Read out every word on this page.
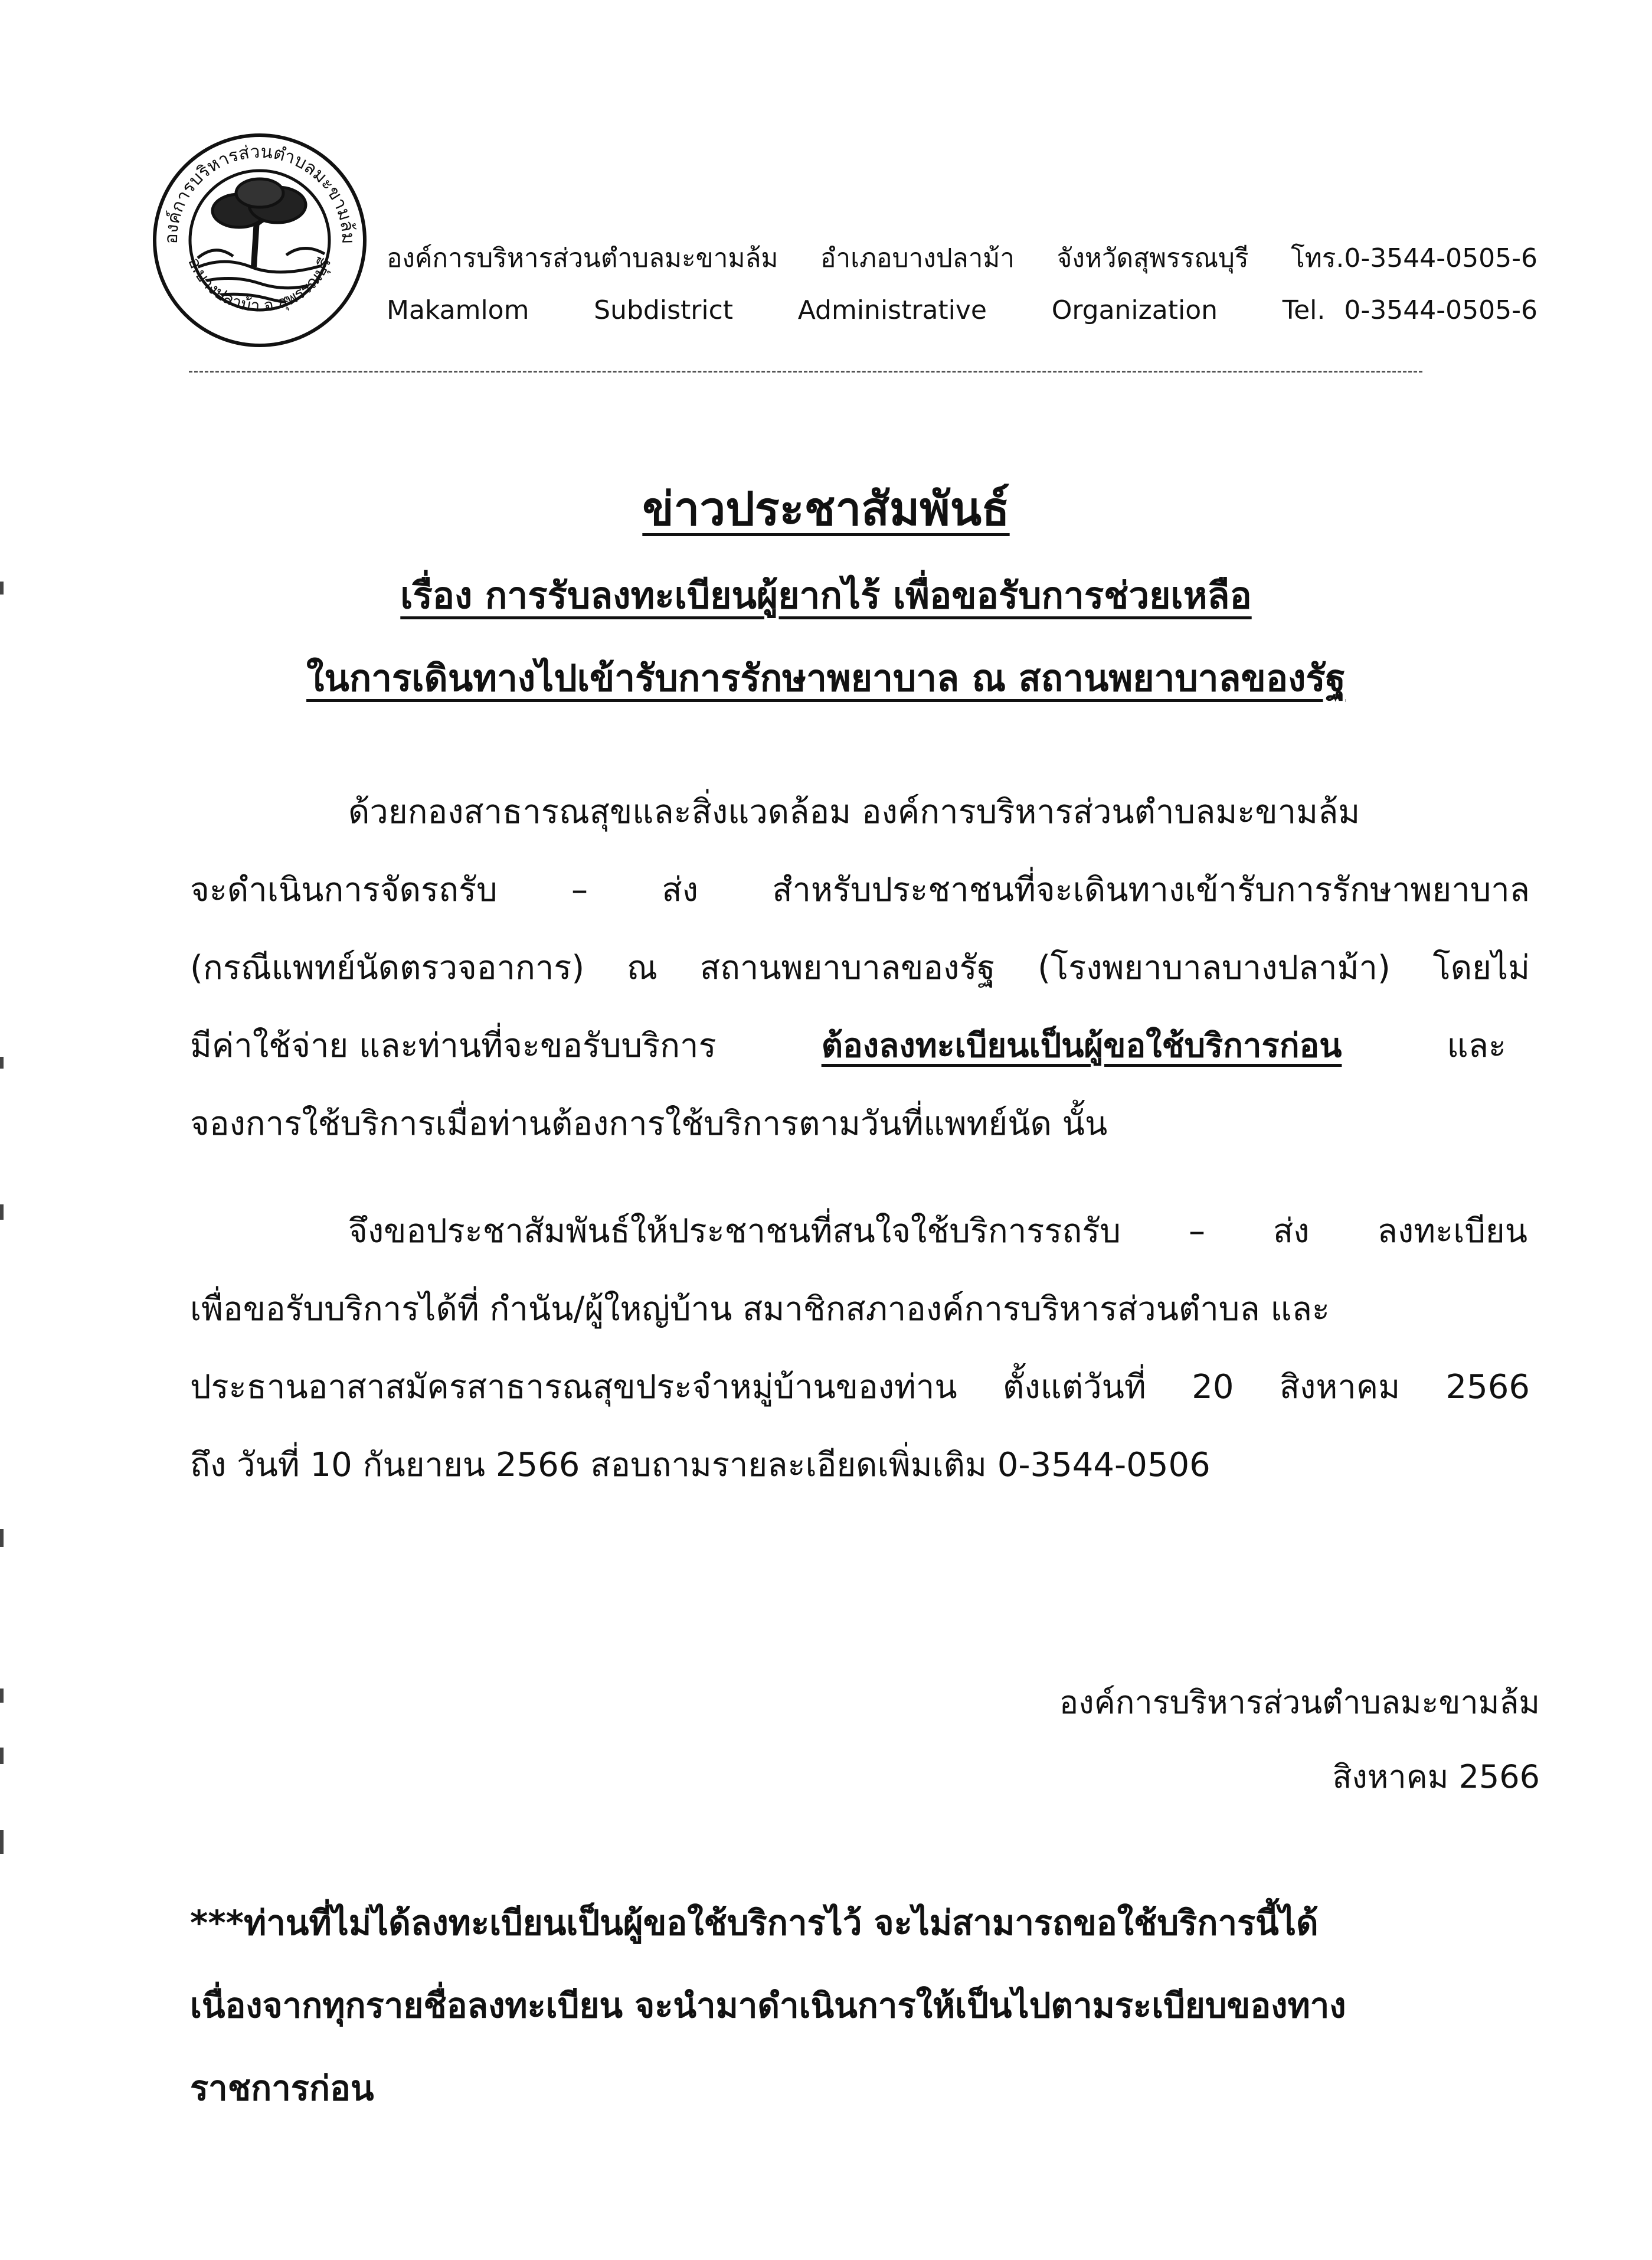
องค์การบริหารส่วนตำบลมะขามล้ม
อ.บางปลาม้า จ.สุพรรณบุรี องค์การบริหารส่วนตำบลมะขามล้ม อำเภอบางปลาม้า จังหวัดสุพรรณบุรี โทร.0-3544-0505-6
Makamlom Subdistrict Administrative Organization Tel. 0-3544-0505-6
ข่าวประชาสัมพันธ์
เรื่อง การรับลงทะเบียนผู้ยากไร้ เพื่อขอรับการช่วยเหลือ
ในการเดินทางไปเข้ารับการรักษาพยาบาล ณ สถานพยาบาลของรัฐ
ด้วยกองสาธารณสุขและสิ่งแวดล้อม องค์การบริหารส่วนตำบลมะขามล้ม
จะดำเนินการจัดรถรับ – ส่ง สำหรับประชาชนที่จะเดินทางเข้ารับการรักษาพยาบาล
(กรณีแพทย์นัดตรวจอาการ) ณ สถานพยาบาลของรัฐ (โรงพยาบาลบางปลาม้า) โดยไม่
มีค่าใช้จ่าย และท่านที่จะขอรับบริการ	ต้องลงทะเบียนเป็นผู้ขอใช้บริการก่อน	และ
จองการใช้บริการเมื่อท่านต้องการใช้บริการตามวันที่แพทย์นัด นั้น
จึงขอประชาสัมพันธ์ให้ประชาชนที่สนใจใช้บริการรถรับ – ส่ง ลงทะเบียน
เพื่อขอรับบริการได้ที่ กำนัน/ผู้ใหญ่บ้าน สมาชิกสภาองค์การบริหารส่วนตำบล และ
ประธานอาสาสมัครสาธารณสุขประจำหมู่บ้านของท่าน ตั้งแต่วันที่ 20 สิงหาคม 2566
ถึง วันที่ 10 กันยายน 2566 สอบถามรายละเอียดเพิ่มเติม 0-3544-0506
องค์การบริหารส่วนตำบลมะขามล้ม
สิงหาคม 2566
***ท่านที่ไม่ได้ลงทะเบียนเป็นผู้ขอใช้บริการไว้ จะไม่สามารถขอใช้บริการนี้ได้
เนื่องจากทุกรายชื่อลงทะเบียน จะนำมาดำเนินการให้เป็นไปตามระเบียบของทาง
ราชการก่อน
